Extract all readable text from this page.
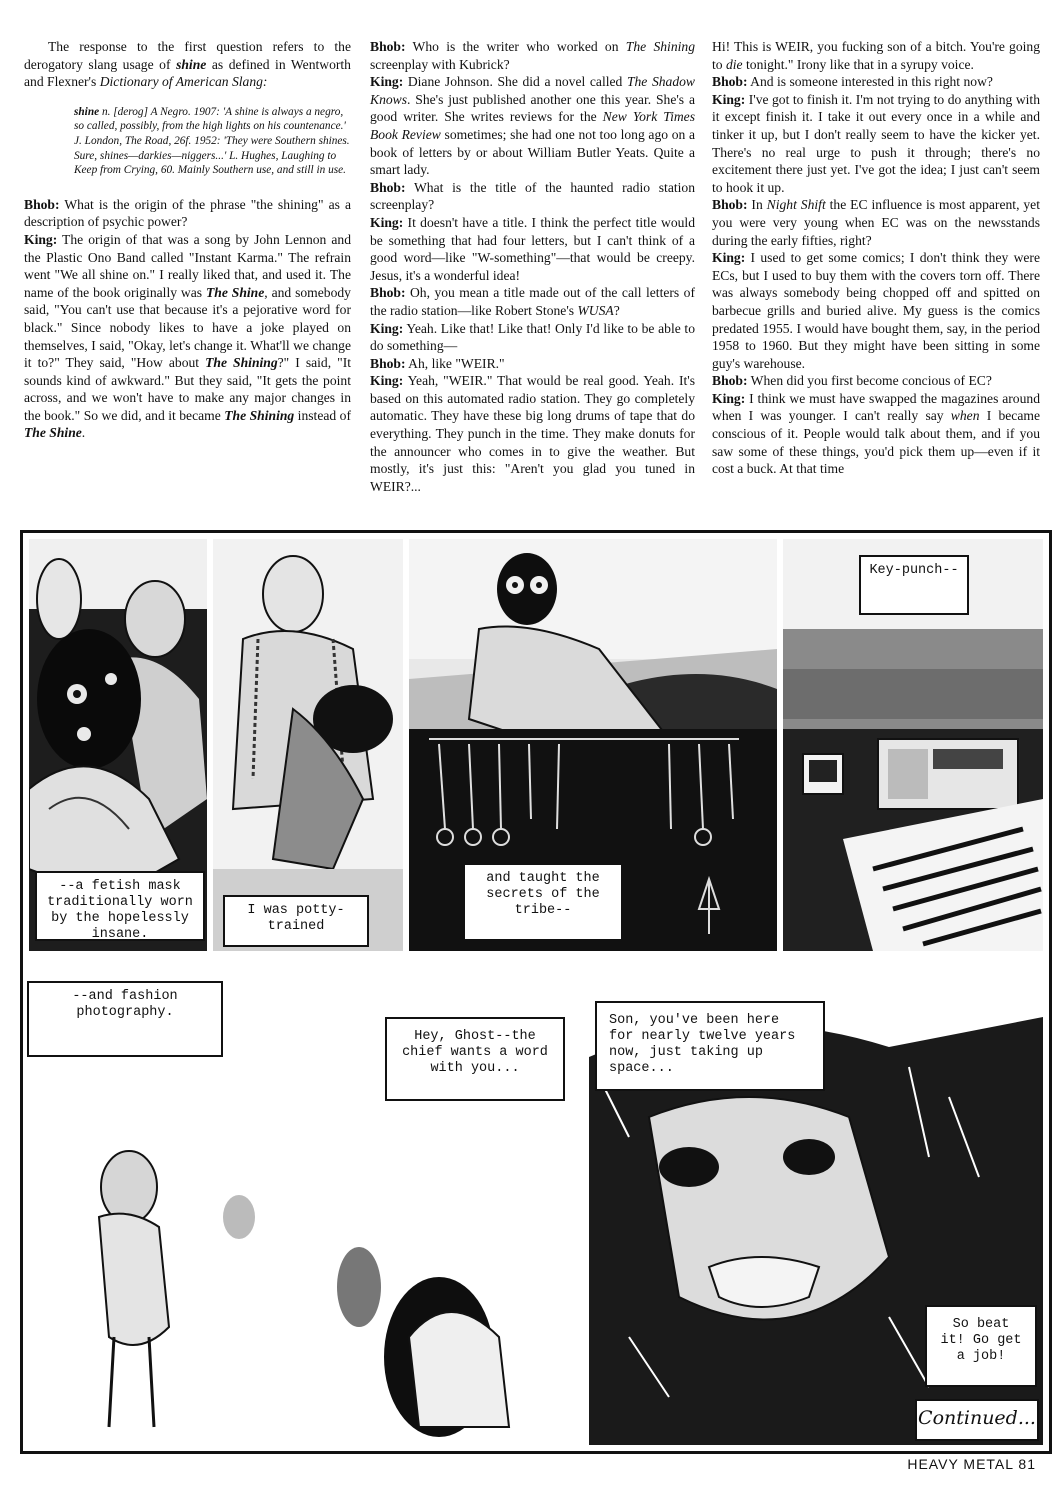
The response to the first question refers to the derogatory slang usage of shine as defined in Wentworth and Flexner's Dictionary of American Slang:

shine n. [derog] A Negro. 1907: 'A shine is always a negro, so called, possibly, from the high lights on his countenance.' J. London, The Road, 26f. 1952: 'They were Southern shines. Sure, shines—darkies—niggers...' L. Hughes, Laughing to Keep from Crying, 60. Mainly Southern use, and still in use.

Bhob: What is the origin of the phrase "the shining" as a description of psychic power?

King: The origin of that was a song by John Lennon and the Plastic Ono Band called "Instant Karma." The refrain went "We all shine on." I really liked that, and used it. The name of the book originally was The Shine, and somebody said, "You can't use that because it's a pejorative word for black." Since nobody likes to have a joke played on themselves, I said, "Okay, let's change it. What'll we change it to?" They said, "How about The Shining?" I said, "It sounds kind of awkward." But they said, "It gets the point across, and we won't have to make any major changes in the book." So we did, and it became The Shining instead of The Shine.

Bhob: Who is the writer who worked on The Shining screenplay with Kubrick?

King: Diane Johnson. She did a novel called The Shadow Knows. She's just published another one this year. She's a good writer. She writes reviews for the New York Times Book Review sometimes; she had one not too long ago on a book of letters by or about William Butler Yeats. Quite a smart lady.

Bhob: What is the title of the haunted radio station screenplay?

King: It doesn't have a title. I think the perfect title would be something that had four letters, but I can't think of a good word—like "W-something"—that would be creepy. Jesus, it's a wonderful idea!

Bhob: Oh, you mean a title made out of the call letters of the radio station—like Robert Stone's WUSA?

King: Yeah. Like that! Like that! Only I'd like to be able to do something—

Bhob: Ah, like "WEIR."

King: Yeah, "WEIR." That would be real good. Yeah. It's based on this automated radio station. They go completely automatic. They have these big long drums of tape that do everything. They punch in the time. They make donuts for the announcer who comes in to give the weather. But mostly, it's just this: "Aren't you glad you tuned in WEIR?...

Hi! This is WEIR, you fucking son of a bitch. You're going to die tonight." Irony like that in a syrupy voice.

Bhob: And is someone interested in this right now?

King: I've got to finish it. I'm not trying to do anything with it except finish it. I take it out every once in a while and tinker it up, but I don't really seem to have the kicker yet. There's no real urge to push it through; there's no excitement there just yet. I've got the idea; I just can't seem to hook it up.

Bhob: In Night Shift the EC influence is most apparent, yet you were very young when EC was on the newsstands during the early fifties, right?

King: I used to get some comics; I don't think they were ECs, but I used to buy them with the covers torn off. There was always somebody being chopped off and spitted on barbecue grills and buried alive. My guess is the comics predated 1955. I would have bought them, say, in the period 1958 to 1960. But they might have been sitting in some guy's warehouse.

Bhob: When did you first become concious of EC?

King: I think we must have swapped the magazines around when I was younger. I can't really say when I became conscious of it. People would talk about them, and if you saw some of these things, you'd pick them up—even if it cost a buck. At that time

--a fetish mask traditionally worn by the hopelessly insane.
I was potty-trained
and taught the secrets of the tribe--
Key-punch--
--and fashion photography.
Hey, Ghost--the chief wants a word with you...
Son, you've been here for nearly twelve years now, just taking up space...
So beat it! Go get a job!
Continued...
HEAVY METAL 81
